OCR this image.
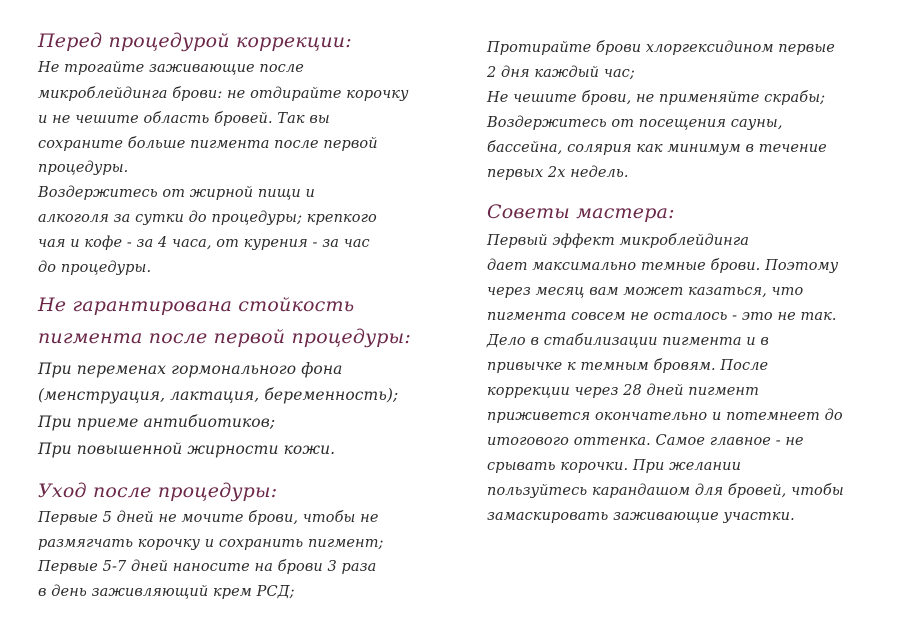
Перед процедурой коррекции:
Не трогайте заживающие после
микроблейдинга брови: не отдирайте корочку
и не чешите область бровей. Так вы
сохраните больше пигмента после первой
процедуры.
Воздержитесь от жирной пищи и
алкоголя за сутки до процедуры; крепкого
чая и кофе - за 4 часа, от курения - за час
до процедуры.
Не гарантирована стойкость
пигмента после первой процедуры:
При переменах гормонального фона
(менструация, лактация, беременность);
При приеме антибиотиков;
При повышенной жирности кожи.
Уход после процедуры:
Первые 5 дней не мочите брови, чтобы не
размягчать корочку и сохранить пигмент;
Первые 5-7 дней наносите на брови 3 раза
в день заживляющий крем РСД;
Протирайте брови хлоргексидином первые
2 дня каждый час;
Не чешите брови, не применяйте скрабы;
Воздержитесь от посещения сауны,
бассейна, солярия как минимум в течение
первых 2х недель.
Советы мастера:
Первый эффект микроблейдинга
дает максимально темные брови. Поэтому
через месяц вам может казаться, что
пигмента совсем не осталось - это не так.
Дело в стабилизации пигмента и в
привычке к темным бровям. После
коррекции через 28 дней пигмент
приживется окончательно и потемнеет до
итогового оттенка. Самое главное - не
срывать корочки. При желании
пользуйтесь карандашом для бровей, чтобы
замаскировать заживающие участки.
